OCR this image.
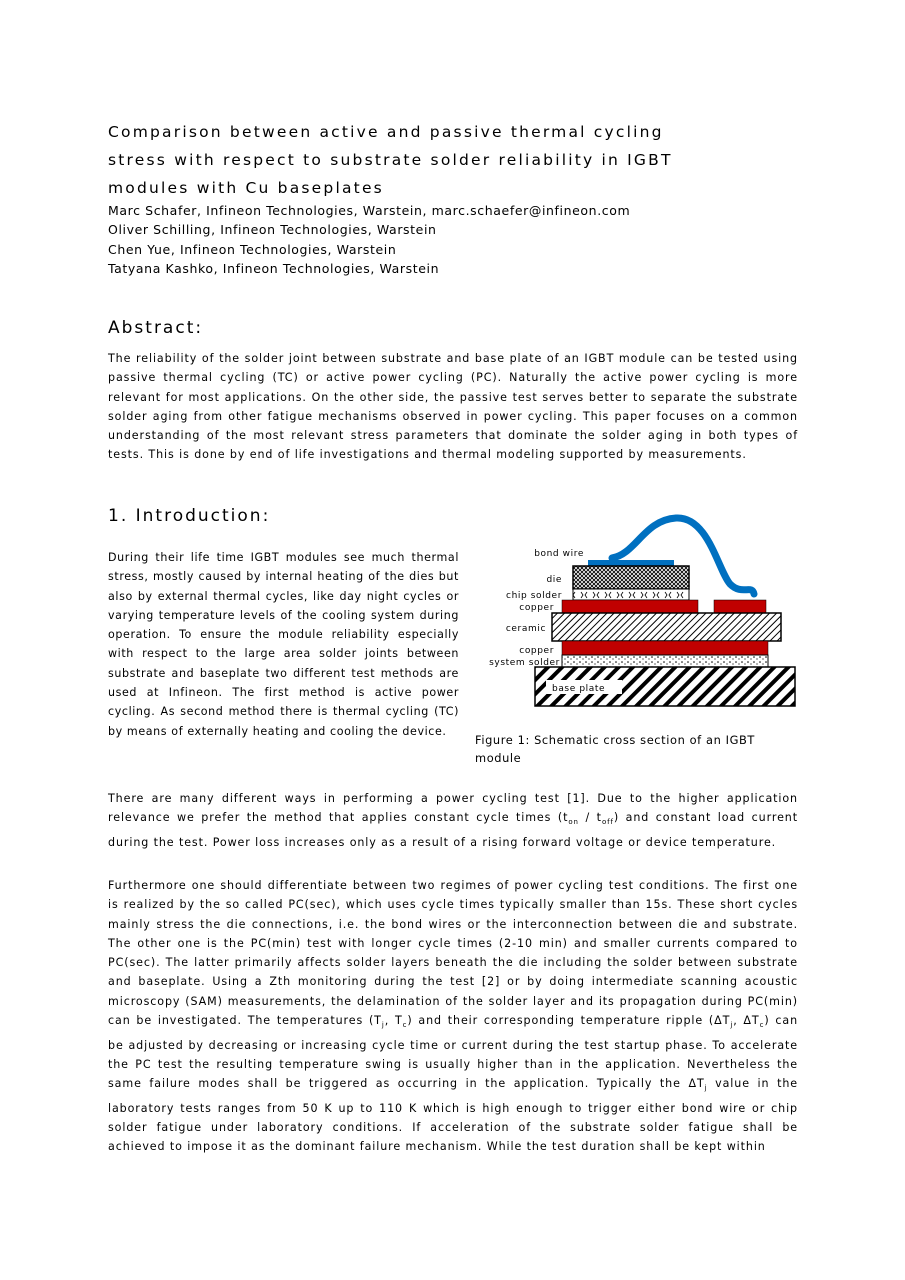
Comparison between active and passive thermal cycling
stress with respect to substrate solder reliability in IGBT
modules with Cu baseplates
Marc Schafer, Infineon Technologies, Warstein, marc.schaefer@infineon.com
Oliver Schilling, Infineon Technologies, Warstein
Chen Yue, Infineon Technologies, Warstein
Tatyana Kashko, Infineon Technologies, Warstein
Abstract:

The reliability of the solder joint between substrate and base plate of an IGBT module can be tested using passive thermal cycling (TC) or active power cycling (PC). Naturally the active power cycling is more relevant for most applications. On the other side, the passive test serves better to separate the substrate solder aging from other fatigue mechanisms observed in power cycling. This paper focuses on a common understanding of the most relevant stress parameters that dominate the solder aging in both types of tests. This is done by end of life investigations and thermal modeling supported by measurements.

1. Introduction:

During their life time IGBT modules see much thermal stress, mostly caused by internal heating of the dies but also by external thermal cycles, like day night cycles or varying temperature levels of the cooling system during operation. To ensure the module reliability especially with respect to the large area solder joints between substrate and baseplate two different test methods are used at Infineon. The first method is active power cycling. As second method there is thermal cycling (TC) by means of externally heating and cooling the device.

bond wire
die
chip solder
copper
ceramic
copper
system solder
base plate

Figure 1: Schematic cross section of an IGBT module

There are many different ways in performing a power cycling test [1]. Due to the higher application relevance we prefer the method that applies constant cycle times $(t_{on} / t_{off})$ and constant load current during the test. Power loss increases only as a result of a rising forward voltage or device temperature.

Furthermore one should differentiate between two regimes of power cycling test conditions. The first one is realized by the so called PC(sec), which uses cycle times typically smaller than 15s. These short cycles mainly stress the die connections, i.e. the bond wires or the interconnection between die and substrate. The other one is the PC(min) test with longer cycle times (2-10 min) and smaller currents compared to PC(sec). The latter primarily affects solder layers beneath the die including the solder between substrate and baseplate. Using a Zth monitoring during the test [2] or by doing intermediate scanning acoustic microscopy (SAM) measurements, the delamination of the solder layer and its propagation during PC(min) can be investigated. The temperatures ($T_j$, $T_c$) and their corresponding temperature ripple ($\Delta T_j$, $\Delta T_c$) can be adjusted by decreasing or increasing cycle time or current during the test startup phase. To accelerate the PC test the resulting temperature swing is usually higher than in the application. Nevertheless the same failure modes shall be triggered as occurring in the application. Typically the $\Delta T_j$ value in the laboratory tests ranges from 50 K up to 110 K which is high enough to trigger either bond wire or chip solder fatigue under laboratory conditions. If acceleration of the substrate solder fatigue shall be achieved to impose it as the dominant failure mechanism. While the test duration shall be kept within
